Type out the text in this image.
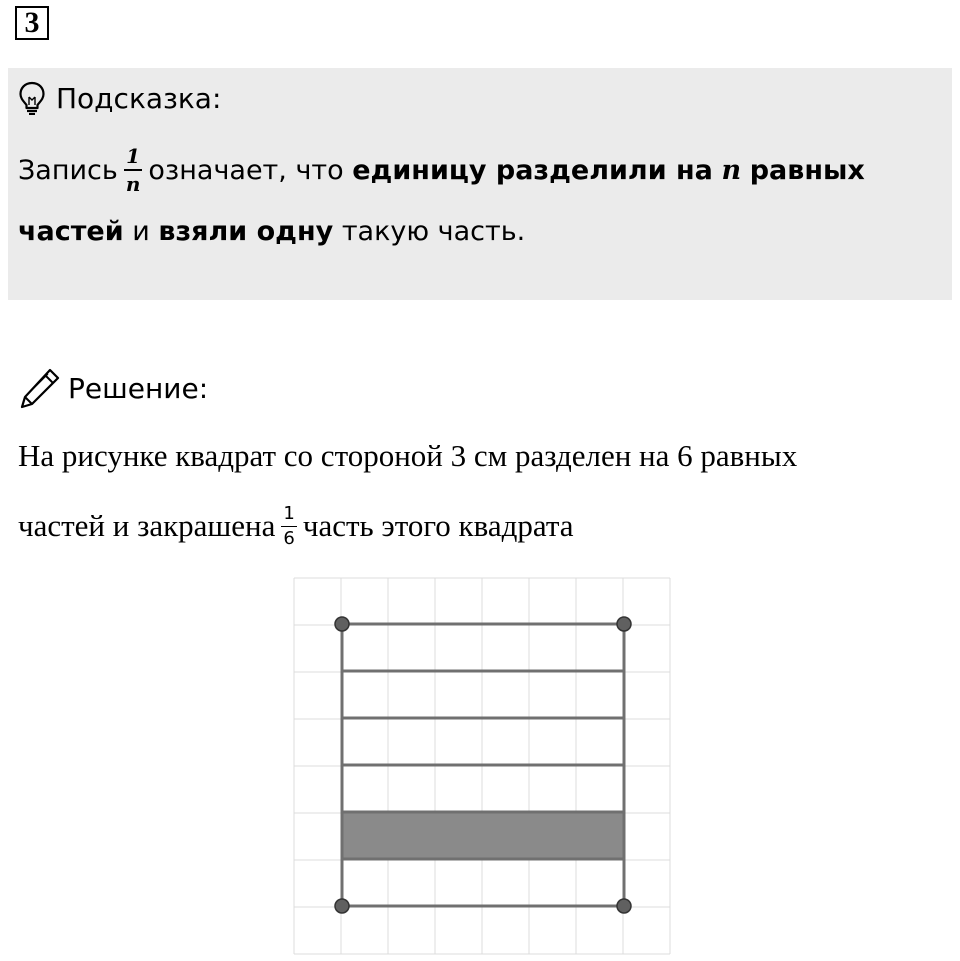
3
Подсказка:
Запись $\frac{1}{n}$ означает, что
единицу разделили на
n
равных
частей и взяли одну такую часть.
Решение:
На рисунке квадрат со стороной 3 см разделен на 6 равных
частей и закрашена $\frac{1}{6}$ часть этого квадрата
